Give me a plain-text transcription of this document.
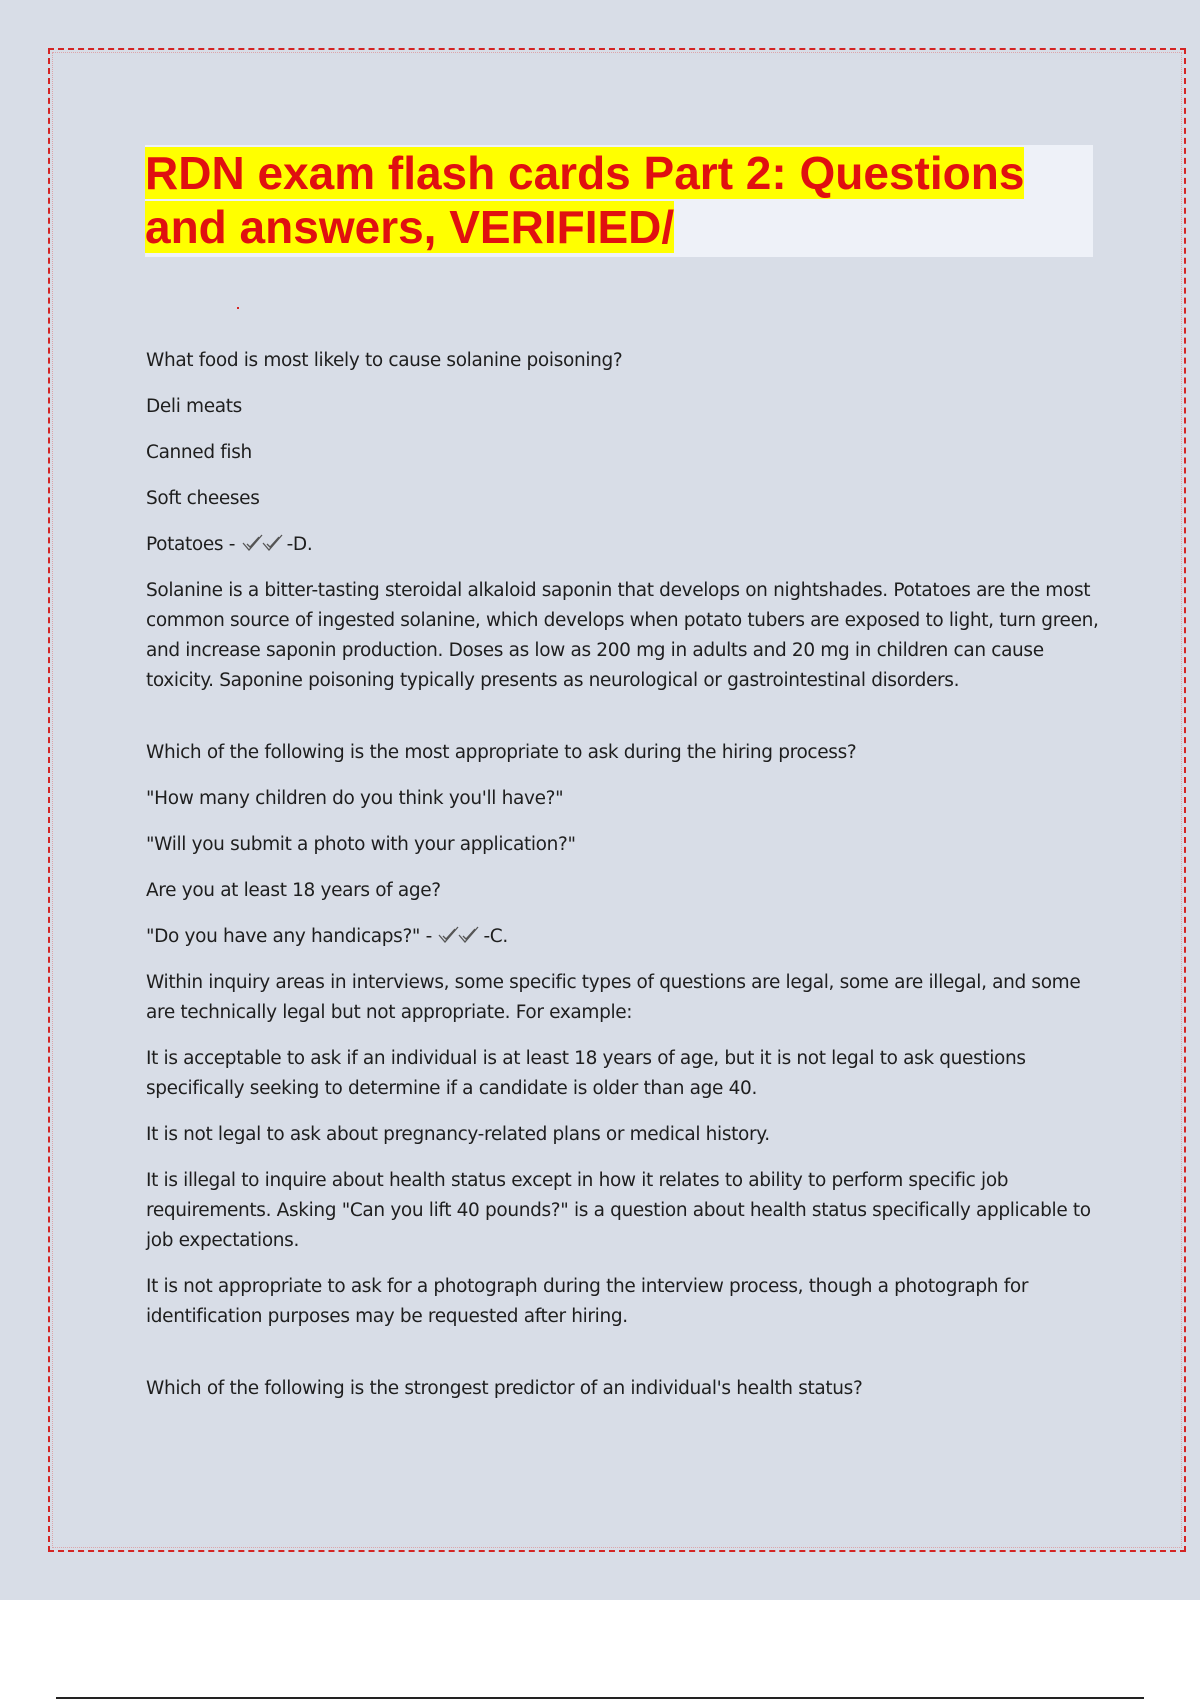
RDN exam flash cards Part 2: Questions
and answers, VERIFIED/

What food is most likely to cause solanine poisoning?

Deli meats

Canned fish

Soft cheeses

Potatoes -	-D.

Solanine is a bitter-tasting steroidal alkaloid saponin that develops on nightshades. Potatoes are the most common source of ingested solanine, which develops when potato tubers are exposed to light, turn green, and increase saponin production. Doses as low as 200 mg in adults and 20 mg in children can cause toxicity. Saponine poisoning typically presents as neurological or gastrointestinal disorders.

Which of the following is the most appropriate to ask during the hiring process?

"How many children do you think you'll have?"

"Will you submit a photo with your application?"

Are you at least 18 years of age?

"Do you have any handicaps?" -	-C.

Within inquiry areas in interviews, some specific types of questions are legal, some are illegal, and some are technically legal but not appropriate. For example:

It is acceptable to ask if an individual is at least 18 years of age, but it is not legal to ask questions specifically seeking to determine if a candidate is older than age 40.

It is not legal to ask about pregnancy-related plans or medical history.

It is illegal to inquire about health status except in how it relates to ability to perform specific job requirements. Asking "Can you lift 40 pounds?" is a question about health status specifically applicable to job expectations.

It is not appropriate to ask for a photograph during the interview process, though a photograph for identification purposes may be requested after hiring.

Which of the following is the strongest predictor of an individual's health status?
